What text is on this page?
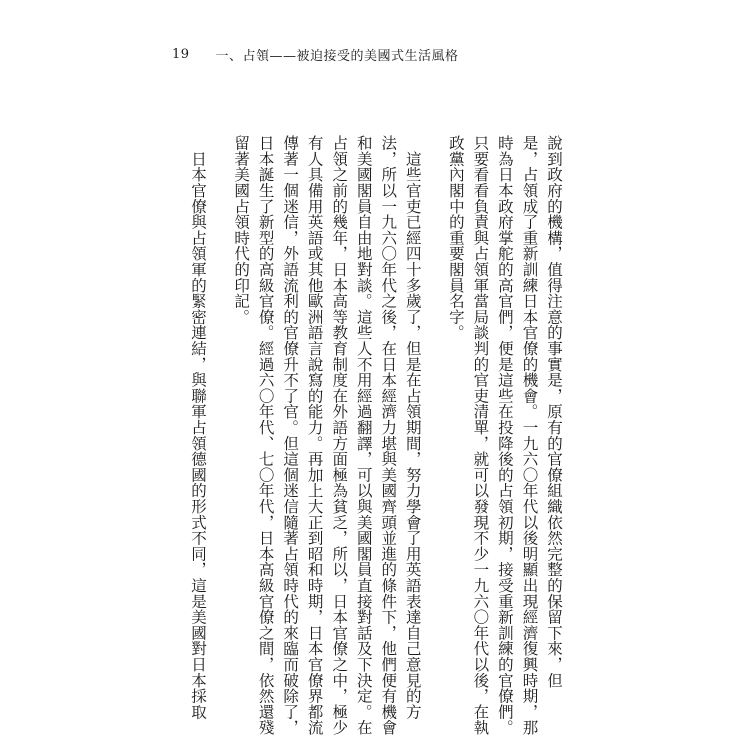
19 一、占領——被迫接受的美國式生活風格
說到政府的機構，值得注意的事實是，原有的官僚組織依然完整的保留下來，但
是，占領成了重新訓練日本官僚的機會。一九六〇年代以後明顯出現經濟復興時期，那
時為日本政府掌舵的高官們，便是這些在投降後的占領初期，接受重新訓練的官僚們。
只要看看負責與占領軍當局談判的官吏清單，就可以發現不少一九六〇年代以後，在執
政黨內閣中的重要閣員名字。
　這些官吏已經四十多歲了，但是在占領期間，努力學會了用英語表達自己意見的方
法，所以一九六〇年代之後，在日本經濟力堪與美國齊頭並進的條件下，他們便有機會
和美國閣員自由地對談。這些人不用經過翻譯，可以與美國閣員直接對話及下決定。在
占領之前的幾年，日本高等教育制度在外語方面極為貧乏，所以，日本官僚之中，極少
有人具備用英語或其他歐洲語言說寫的能力。再加上大正到昭和時期，日本官僚界都流
傳著一個迷信，外語流利的官僚升不了官。但這個迷信隨著占領時代的來臨而破除了，
日本誕生了新型的高級官僚。經過六〇年代、七〇年代，日本高級官僚之間，依然還殘
留著美國占領時代的印記。
　日本官僚與占領軍的緊密連結，與聯軍占領德國的形式不同，這是美國對日本採取
